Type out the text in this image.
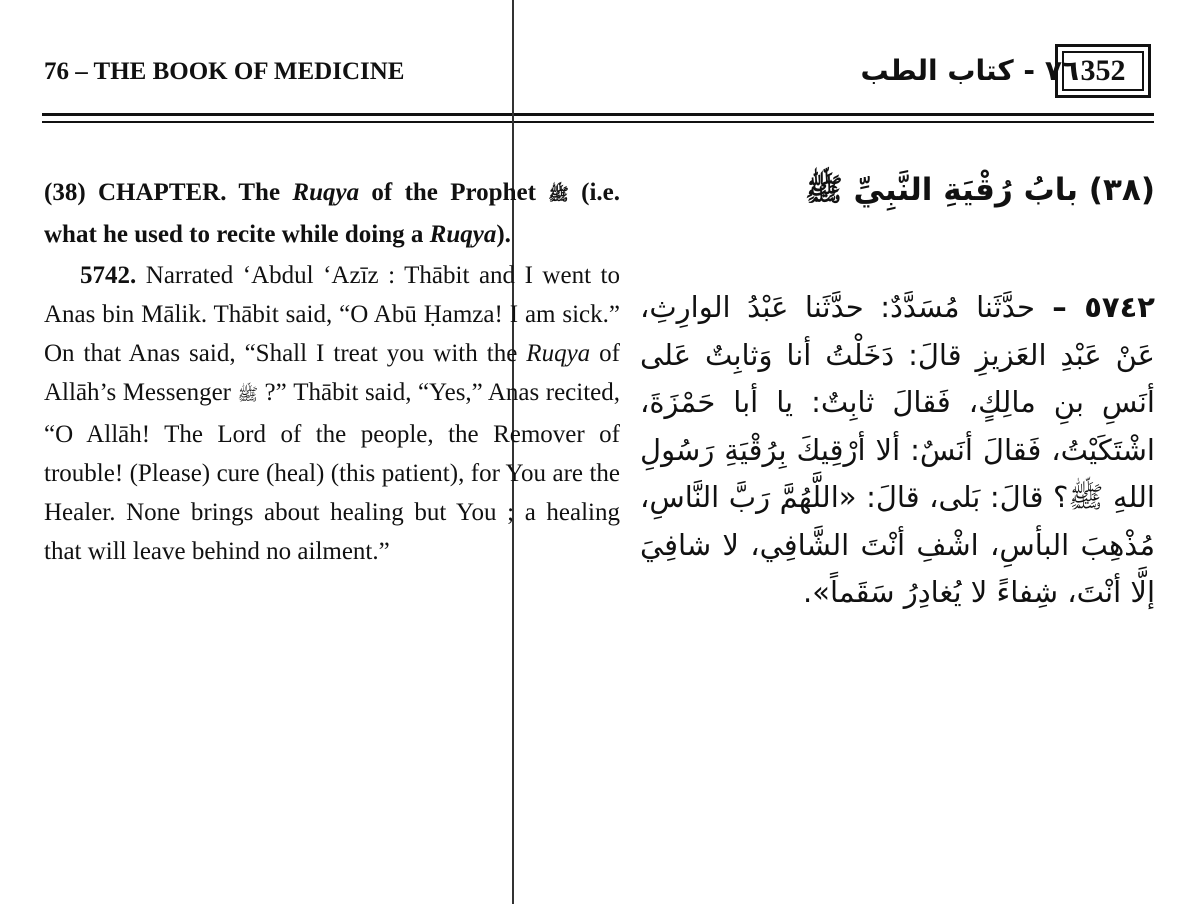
76 – THE BOOK OF MEDICINE	٧٦ - كتاب الطب 352

(38) CHAPTER. The Ruqya of the Prophet ﷺ (i.e. what he used to recite while doing a Ruqya).

5742. Narrated ‘Abdul ‘Azīz : Thābit and I went to Anas bin Mālik. Thābit said, “O Abū Ḥamza! I am sick.” On that Anas said, “Shall I treat you with the Ruqya of Allāh’s Messenger ﷺ ?” Thābit said, “Yes,” Anas recited, “O Allāh! The Lord of the people, the Remover of trouble! (Please) cure (heal) (this patient), for You are the Healer. None brings about healing but You ; a healing that will leave behind no ailment.”

(٣٨) بابُ رُقْيَةِ النَّبِيِّ ﷺ

٥٧٤٢ – حدَّثَنا مُسَدَّدٌ: حدَّثَنا عَبْدُ الوارِثِ، عَنْ عَبْدِ العَزيزِ قالَ: دَخَلْتُ أنا وَثابِتٌ عَلى أنَسِ بنِ مالِكٍ، فَقالَ ثابِتٌ: يا أبا حَمْزَةَ، اشْتَكَيْتُ، فَقالَ أنَسٌ: ألا أرْقِيكَ بِرُقْيَةِ رَسُولِ اللهِ ﷺ؟ قالَ: بَلى، قالَ: «اللَّهُمَّ رَبَّ النَّاسِ، مُذْهِبَ البأسِ، اشْفِ أنْتَ الشَّافِي، لا شافِيَ إلَّا أنْتَ، شِفاءً لا يُغادِرُ سَقَماً».
